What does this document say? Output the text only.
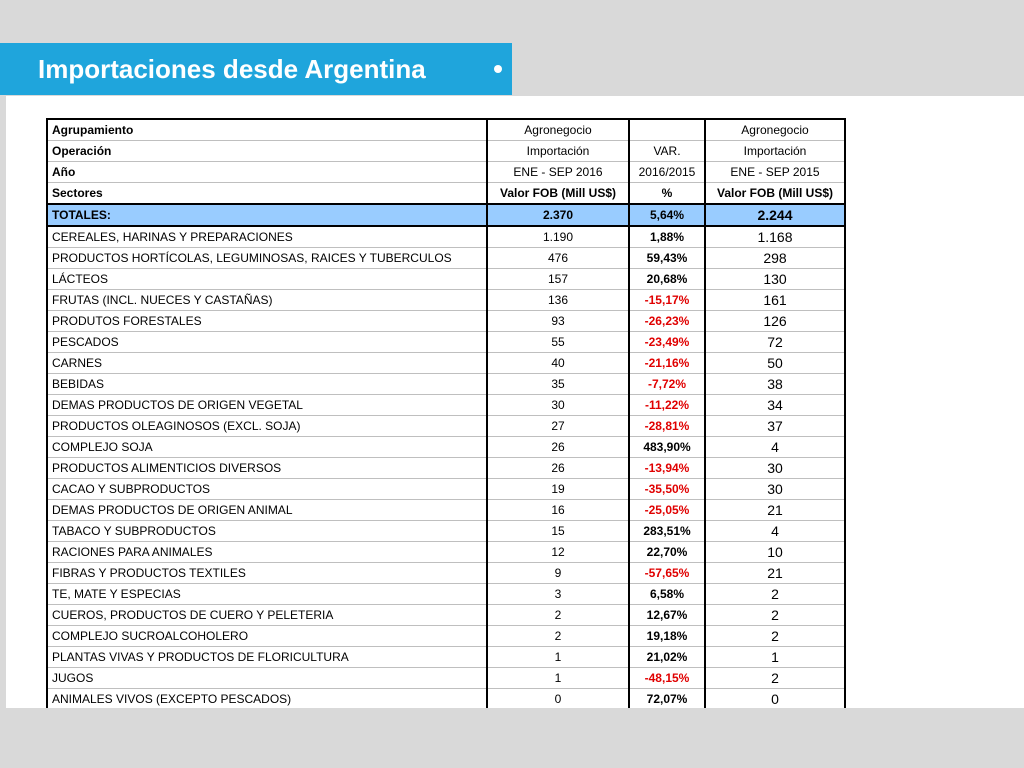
Importaciones desde Argentina
Agrupamiento	Agronegocio		Agronegocio
Operación	Importación	VAR.	Importación
Año	ENE - SEP 2016	2016/2015	ENE - SEP 2015
Sectores	Valor FOB (Mill US$)	%	Valor FOB (Mill US$)
TOTALES:	2.370	5,64%	2.244
CEREALES, HARINAS Y PREPARACIONES	1.190	1,88%	1.168
PRODUCTOS HORTÍCOLAS, LEGUMINOSAS, RAICES Y TUBERCULOS	476	59,43%	298
LÁCTEOS	157	20,68%	130
FRUTAS (INCL. NUECES Y CASTAÑAS)	136	-15,17%	161
PRODUTOS FORESTALES	93	-26,23%	126
PESCADOS	55	-23,49%	72
CARNES	40	-21,16%	50
BEBIDAS	35	-7,72%	38
DEMAS PRODUCTOS DE ORIGEN VEGETAL	30	-11,22%	34
PRODUCTOS OLEAGINOSOS (EXCL. SOJA)	27	-28,81%	37
COMPLEJO SOJA	26	483,90%	4
PRODUCTOS ALIMENTICIOS DIVERSOS	26	-13,94%	30
CACAO Y SUBPRODUCTOS	19	-35,50%	30
DEMAS PRODUCTOS DE ORIGEN ANIMAL	16	-25,05%	21
TABACO Y SUBPRODUCTOS	15	283,51%	4
RACIONES PARA ANIMALES	12	22,70%	10
FIBRAS Y PRODUCTOS TEXTILES	9	-57,65%	21
TE, MATE Y ESPECIAS	3	6,58%	2
CUEROS, PRODUCTOS DE CUERO Y PELETERIA	2	12,67%	2
COMPLEJO SUCROALCOHOLERO	2	19,18%	2
PLANTAS VIVAS Y PRODUCTOS DE FLORICULTURA	1	21,02%	1
JUGOS	1	-48,15%	2
ANIMALES VIVOS (EXCEPTO PESCADOS)	0	72,07%	0
